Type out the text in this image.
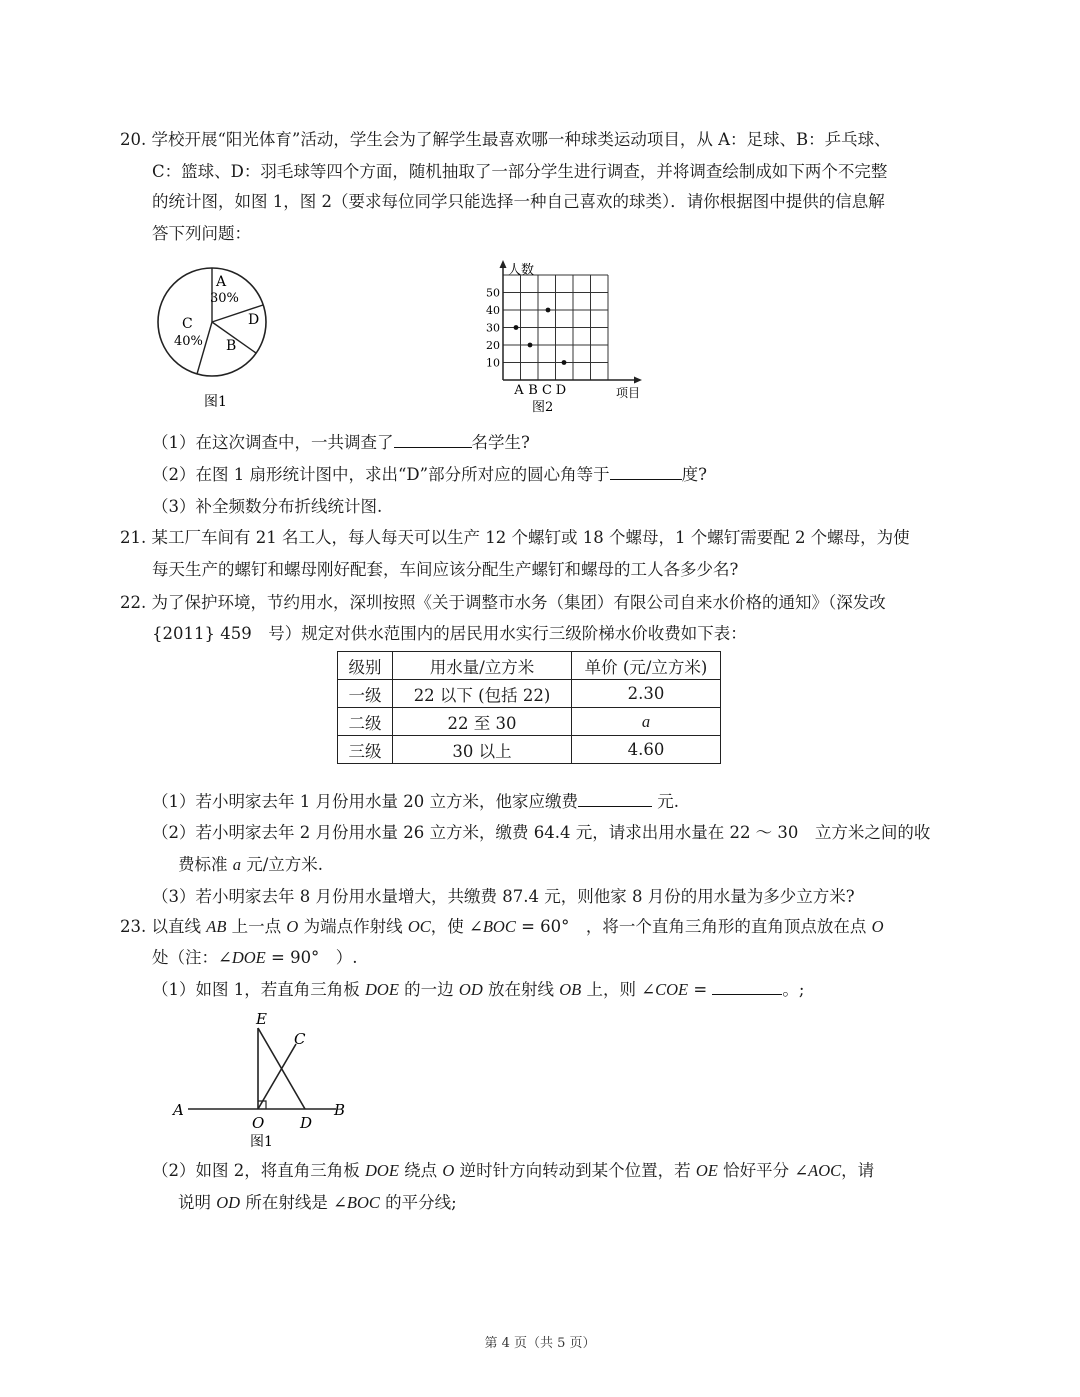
20. 学校开展“阳光体育”活动，学生会为了解学生最喜欢哪一种球类运动项目，从 A：足球、B：乒乓球、
C：篮球、D：羽毛球等四个方面，随机抽取了一部分学生进行调查，并将调查绘制成如下两个不完整
的统计图，如图 1，图 2（要求每位同学只能选择一种自己喜欢的球类）．请你根据图中提供的信息解
答下列问题：
A
30%
D
C
40% B
图1
10
20
30
40
50
A B C D
人数
项目
图2
（1）在这次调查中，一共调查了	名学生?
（2）在图 1 扇形统计图中，求出“D”部分所对应的圆心角等于	度?
（3）补全频数分布折线统计图.
21. 某工厂车间有 21 名工人，每人每天可以生产 12 个螺钉或 18 个螺母，1 个螺钉需要配 2 个螺母，为使
每天生产的螺钉和螺母刚好配套，车间应该分配生产螺钉和螺母的工人各多少名?
22. 为了保护环境，节约用水，深圳按照《关于调整市水务（集团）有限公司自来水价格的通知》（深发改
{2011} 459　号）规定对供水范围内的居民用水实行三级阶梯水价收费如下表：
级别	用水量/立方米	单价 (元/立方米)
一级	22 以下 (包括 22)	2.30
二级	22 至 30	a
三级	30 以上	4.60
（1）若小明家去年 1 月份用水量 20 立方米，他家应缴费	元.
（2）若小明家去年 2 月份用水量 26 立方米，缴费 64.4 元，请求出用水量在 22 ～ 30　立方米之间的收
费标准 a 元/立方米.
（3）若小明家去年 8 月份用水量增大，共缴费 87.4 元，则他家 8 月份的用水量为多少立方米?
23. 以直线 AB 上一点 O 为端点作射线 OC，使 ∠BOC = 60°　，将一个直角三角形的直角顶点放在点 O
处（注：∠DOE = 90°　）.
（1）如图 1，若直角三角板 DOE 的一边 OD 放在射线 OB 上，则 ∠COE =	。;
E
C
A
O D
B
图1
（2）如图 2，将直角三角板 DOE 绕点 O 逆时针方向转动到某个位置，若 OE 恰好平分 ∠AOC，请
说明 OD 所在射线是 ∠BOC 的平分线;
第 4 页（共 5 页）
